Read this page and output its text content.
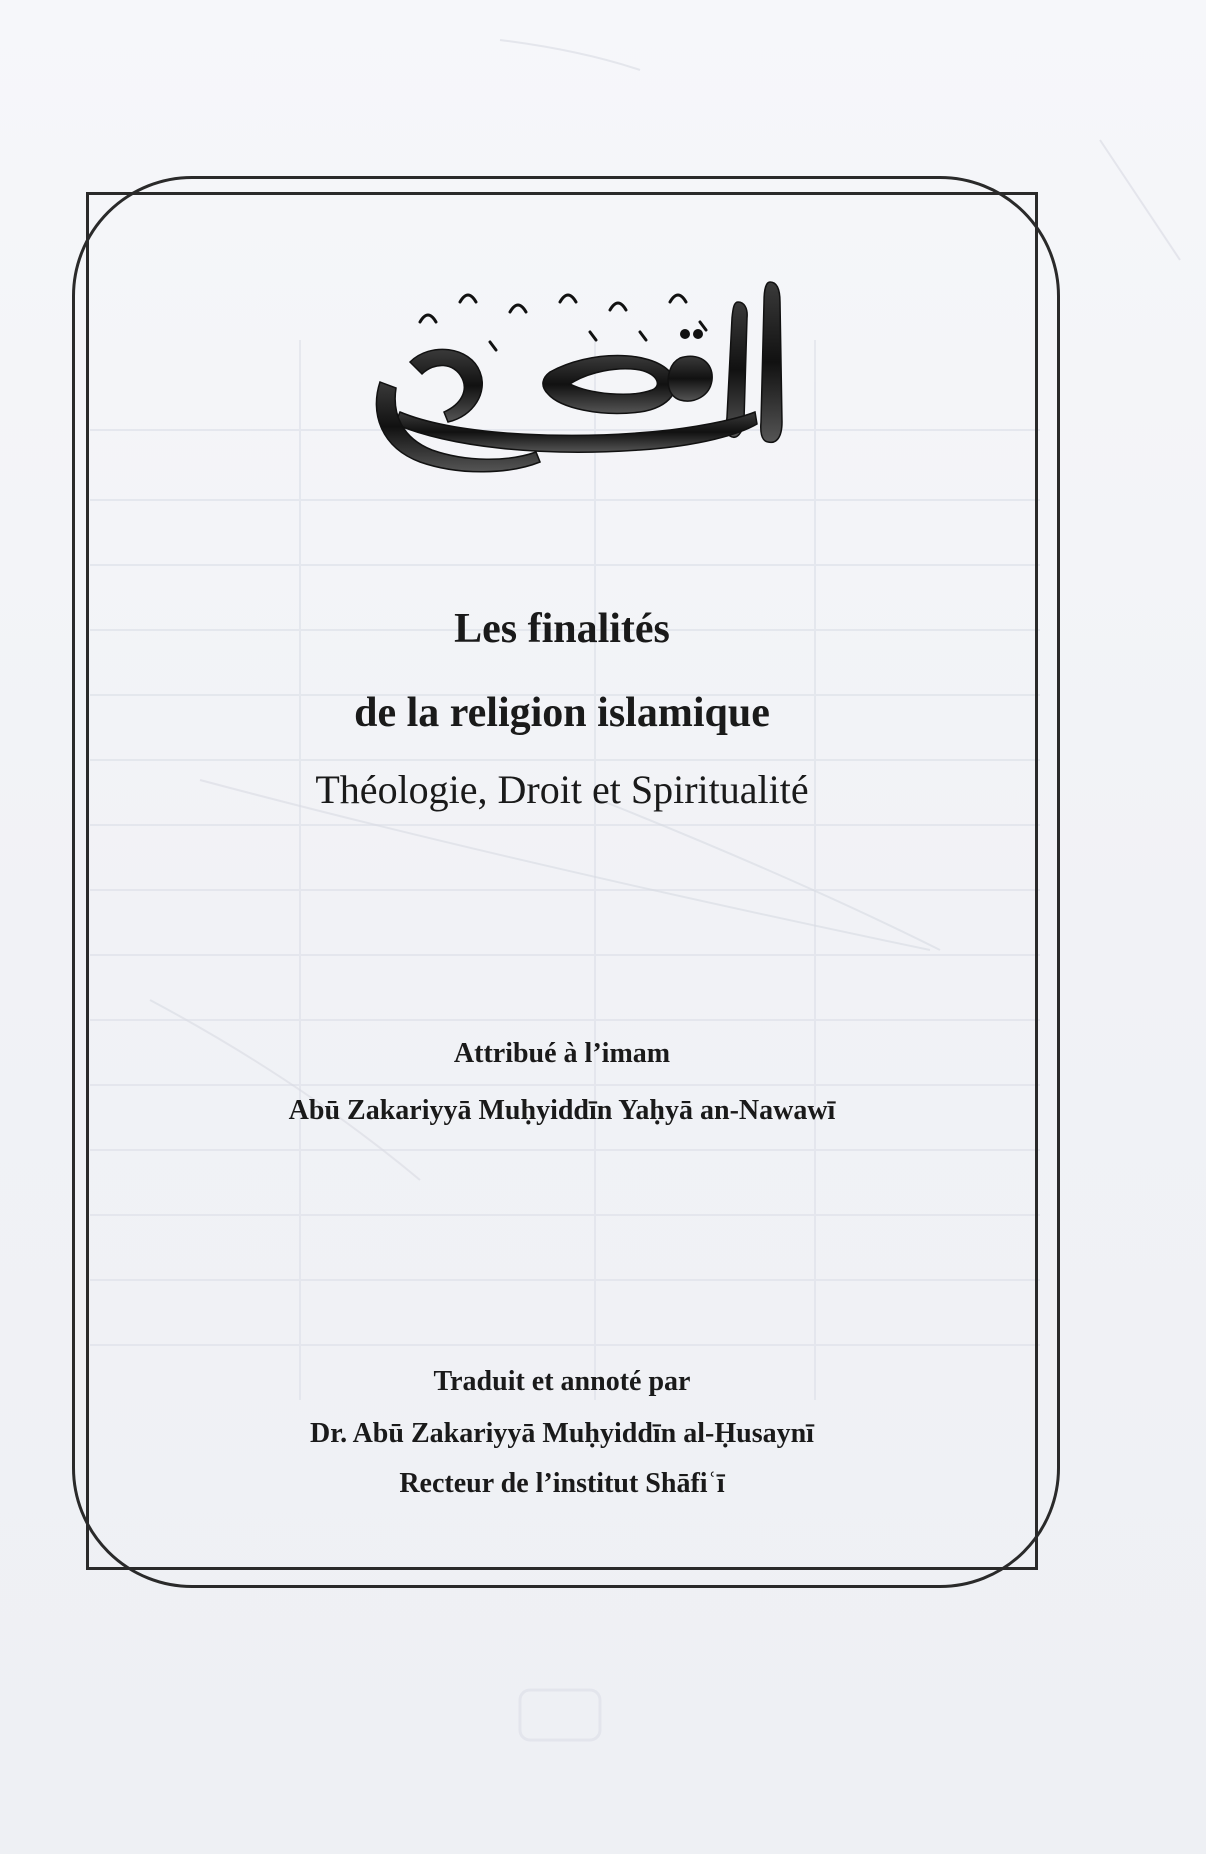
Les finalités
de la religion islamique
Théologie, Droit et Spiritualité
Attribué à l’imam
Abū Zakariyyā Muḥyiddīn Yaḥyā an-Nawawī
Traduit et annoté par
Dr. Abū Zakariyyā Muḥyiddīn al-Ḥusaynī
Recteur de l’institut Shāfiʿī
